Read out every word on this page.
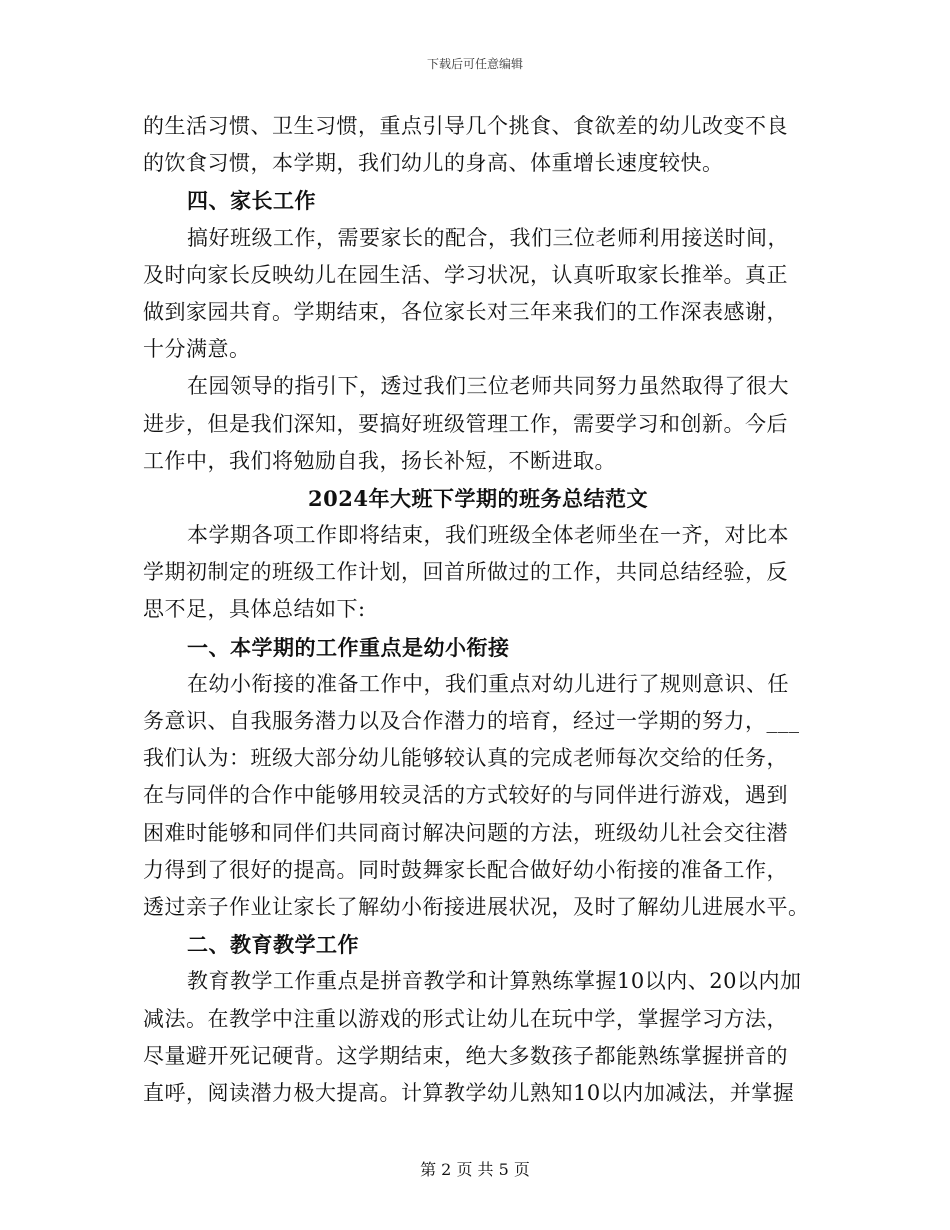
下载后可任意编辑
的生活习惯、卫生习惯，重点引导几个挑食、食欲差的幼儿改变不良
的饮食习惯，本学期，我们幼儿的身高、体重增长速度较快。
四、家长工作
搞好班级工作，需要家长的配合，我们三位老师利用接送时间，
及时向家长反映幼儿在园生活、学习状况，认真听取家长推举。真正
做到家园共育。学期结束，各位家长对三年来我们的工作深表感谢，
十分满意。
在园领导的指引下，透过我们三位老师共同努力虽然取得了很大
进步，但是我们深知，要搞好班级管理工作，需要学习和创新。今后
工作中，我们将勉励自我，扬长补短，不断进取。
2024年大班下学期的班务总结范文
本学期各项工作即将结束，我们班级全体老师坐在一齐，对比本
学期初制定的班级工作计划，回首所做过的工作，共同总结经验，反
思不足，具体总结如下:
一、本学期的工作重点是幼小衔接
在幼小衔接的准备工作中，我们重点对幼儿进行了规则意识、任
务意识、自我服务潜力以及合作潜力的培育，经过一学期的努力，___
我们认为：班级大部分幼儿能够较认真的完成老师每次交给的任务，
在与同伴的合作中能够用较灵活的方式较好的与同伴进行游戏，遇到
困难时能够和同伴们共同商讨解决问题的方法，班级幼儿社会交往潜
力得到了很好的提高。同时鼓舞家长配合做好幼小衔接的准备工作，
透过亲子作业让家长了解幼小衔接进展状况，及时了解幼儿进展水平。
二、教育教学工作
教育教学工作重点是拼音教学和计算熟练掌握10以内、20以内加
减法。在教学中注重以游戏的形式让幼儿在玩中学，掌握学习方法，
尽量避开死记硬背。这学期结束，绝大多数孩子都能熟练掌握拼音的
直呼，阅读潜力极大提高。计算教学幼儿熟知10以内加减法，并掌握
第 2 页 共 5 页
